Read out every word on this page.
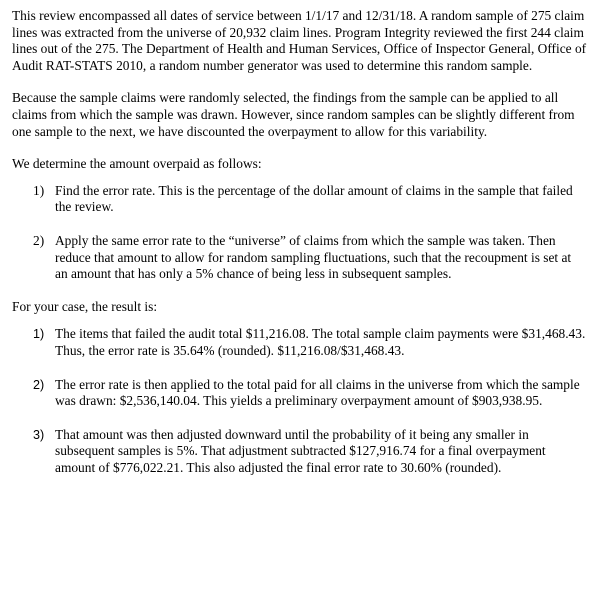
This review encompassed all dates of service between 1/1/17 and 12/31/18. A random sample of 275 claim lines was extracted from the universe of 20,932 claim lines. Program Integrity reviewed the first 244 claim lines out of the 275. The Department of Health and Human Services, Office of Inspector General, Office of Audit RAT-STATS 2010, a random number generator was used to determine this random sample.

Because the sample claims were randomly selected, the findings from the sample can be applied to all claims from which the sample was drawn. However, since random samples can be slightly different from one sample to the next, we have discounted the overpayment to allow for this variability.

We determine the amount overpaid as follows:

1) Find the error rate. This is the percentage of the dollar amount of claims in the sample that failed the review.
2) Apply the same error rate to the “universe” of claims from which the sample was taken. Then reduce that amount to allow for random sampling fluctuations, such that the recoupment is set at an amount that has only a 5% chance of being less in subsequent samples.

For your case, the result is:

1) The items that failed the audit total $11,216.08. The total sample claim payments were $31,468.43. Thus, the error rate is 35.64% (rounded). $11,216.08/$31,468.43.
2) The error rate is then applied to the total paid for all claims in the universe from which the sample was drawn: $2,536,140.04. This yields a preliminary overpayment amount of $903,938.95.
3) That amount was then adjusted downward until the probability of it being any smaller in subsequent samples is 5%. That adjustment subtracted $127,916.74 for a final overpayment amount of $776,022.21. This also adjusted the final error rate to 30.60% (rounded).
